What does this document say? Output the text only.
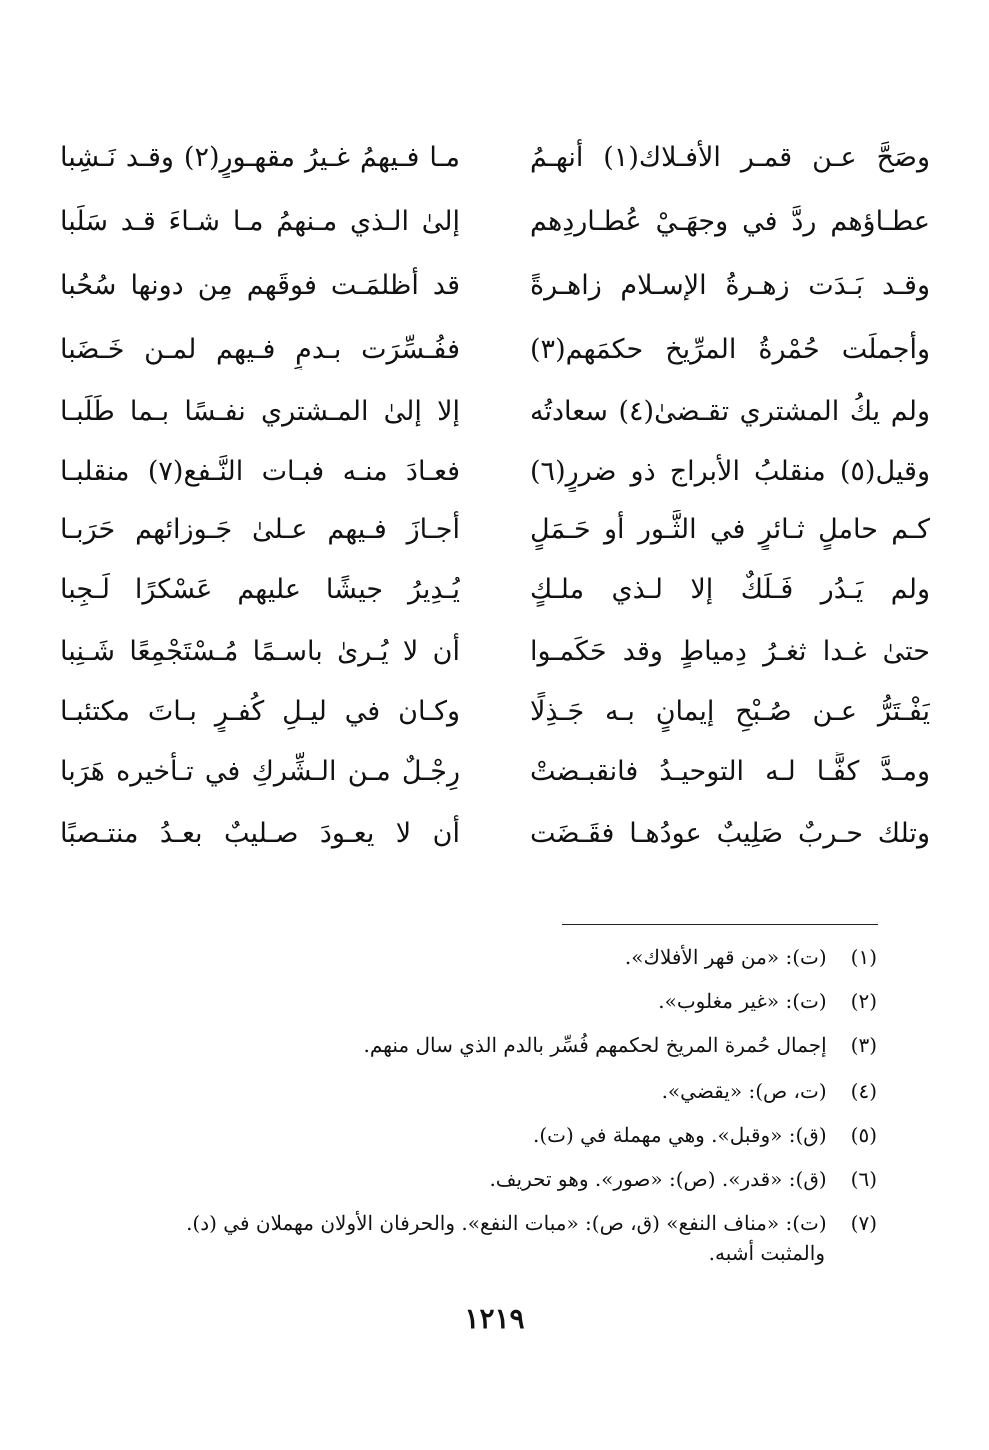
وصَحَّ عـن قمـر الأفـلاك(١) أنهـمُ
مـا فـيهمُ غـيرُ مقهـورٍ(٢) وقـد نَـشِبا
عطـاؤهم ردَّ في وجهَـيْ عُطـاردِهم
إلىٰ الـذي مـنهمُ مـا شـاءَ قـد سَلَبا
وقـد بَـدَت زهـرةُ الإسـلام زاهـرةً
قد أظلمَـت فوقَهم مِن دونها سُحُبا
وأجملَت حُمْرةُ المرِّيخ حكمَهم(٣)
ففُـسِّرَت بـدمٍ فـيهم لمـن خَـضَبا
ولم يكُ المشتري تقـضىٰ(٤) سعادتُه
إلا إلىٰ المـشتري نفـسًا بـما طَلَبـا
وقيل(٥) منقلبُ الأبراج ذو ضررٍ(٦)
فعـادَ منـه فبـات النَّـفع(٧) منقلبـا
كـم حاملٍ ثـائرٍ في الثَّـور أو حَـمَلٍ
أجـازَ فـيهم عـلىٰ جَـوزائهم حَرَبـا
ولم يَـدُر فَـلَكٌ إلا لـذي ملـكٍ
يُـدِيرُ جيشًا عليهم عَسْكرًا لَـجِبا
حتىٰ غـدا ثغـرُ دِمياطٍ وقد حَكَمـوا
أن لا يُـرىٰ باسـمًا مُـسْتَجْمِعًا شَـنِبا
يَفْـتَرُّ عـن صُـبْحِ إيمانٍ بـه جَـذِلًا
وكـان في ليـلِ كُفـرٍ بـاتَ مكتئبـا
ومـدَّ كفًّـا لـه التوحيـدُ فانقبـضتْ
رِجْـلٌ مـن الـشِّركِ في تـأخيره هَرَبا
وتلك حـربٌ صَلِيبٌ عودُهـا فقَـضَت
أن لا يعـودَ صـليبٌ بعـدُ منتـصبًا
(١) (ت): «من قهر الأفلاك».
(٢) (ت): «غير مغلوب».
(٣) إجمال حُمرة المريخ لحكمهم فُسِّر بالدم الذي سال منهم.
(٤) (ت، ص): «يقضي».
(٥) (ق): «وقبل». وهي مهملة في (ت).
(٦) (ق): «قدر». (ص): «صور». وهو تحريف.
(٧) (ت): «مناف النفع» (ق، ص): «مبات النفع». والحرفان الأولان مهملان في (د).
والمثبت أشبه.
١٢١٩
